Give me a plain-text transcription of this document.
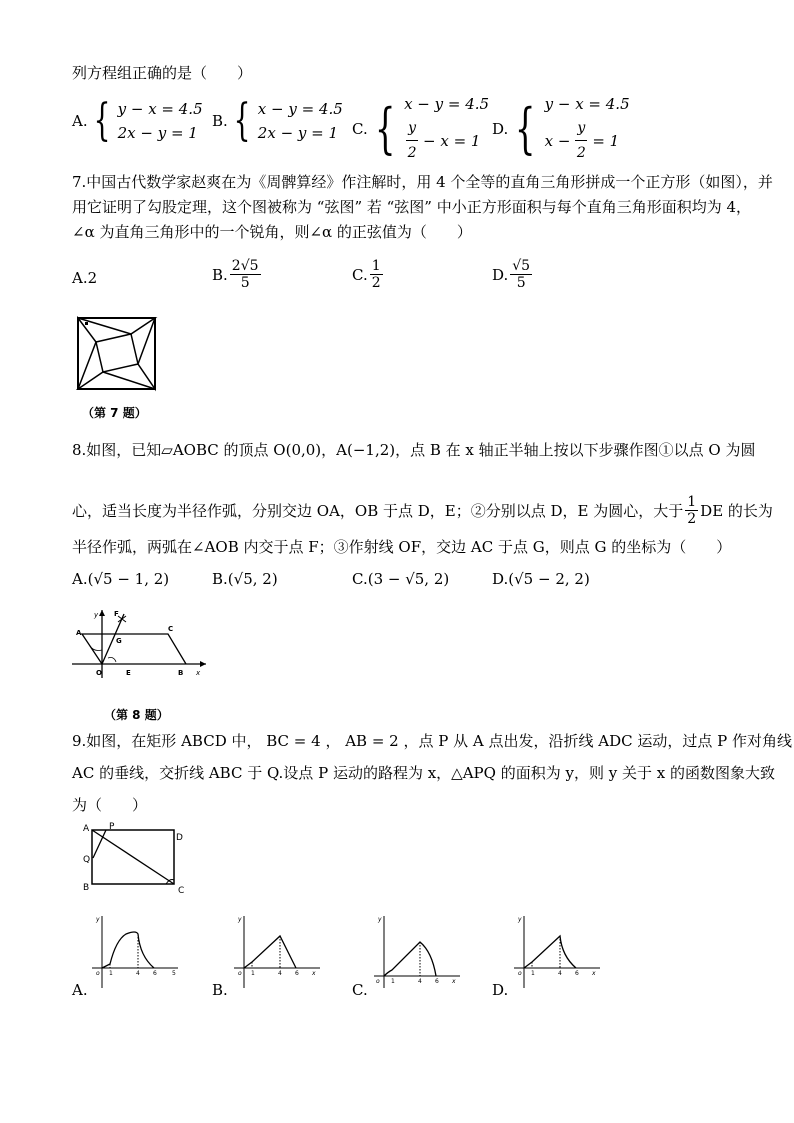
列方程组正确的是（　　）
A. { y − x = 4.5
2x − y = 1
B. { x − y = 4.5
2x − y = 1 C. { x − y = 4.5
$\frac{y}{2} - x = 1$
D. { y − x = 4.5
$x - \frac{y}{2} = 1$
7.中国古代数学家赵爽在为《周髀算经》作注解时，用 4 个全等的直角三角形拼成一个正方形（如图），并
用它证明了勾股定理，这个图被称为 “弦图” 若 “弦图” 中小正方形面积与每个直角三角形面积均为 4，
∠α 为直角三角形中的一个锐角，则∠α 的正弦值为（　　）
A.2	B. $\frac{2√5}{5}$	C. $\frac{1}{2}$	D. $\frac{√5}{5}$
（第 7 题）
8.如图，已知▱AOBC 的顶点 O(0,0)，A(−1,2)，点 B 在 x 轴正半轴上按以下步骤作图①以点 O 为圆
心，适当长度为半径作弧，分别交边 OA，OB 于点 D，E；②分别以点 D，E 为圆心，大于 $\frac{1}{2}$ DE 的长为
半径作弧，两弧在∠AOB 内交于点 F；③作射线 OF，交边 AC 于点 G，则点 G 的坐标为（　　）
A.(√5 − 1, 2)	B.(√5, 2)	C.(3 − √5, 2)	D.(√5 − 2, 2)
y F
A
G
C
O	E	B x
（第 8 题）
9.如图，在矩形 ABCD 中， BC = 4 ， AB = 2 ，点 P 从 A 点出发，沿折线 ADC 运动，过点 P 作对角线
AC 的垂线，交折线 ABC 于 Q.设点 P 运动的路程为 x，△APQ 的面积为 y，则 y 关于 x 的函数图象大致
为（　　）
A P
D
Q
B	C
y
o 1	4 6	5
A.
y
o 1	4 6 x
B.
y
o 1	4 6 x
C.
y
o 1	4 6 x
D.
